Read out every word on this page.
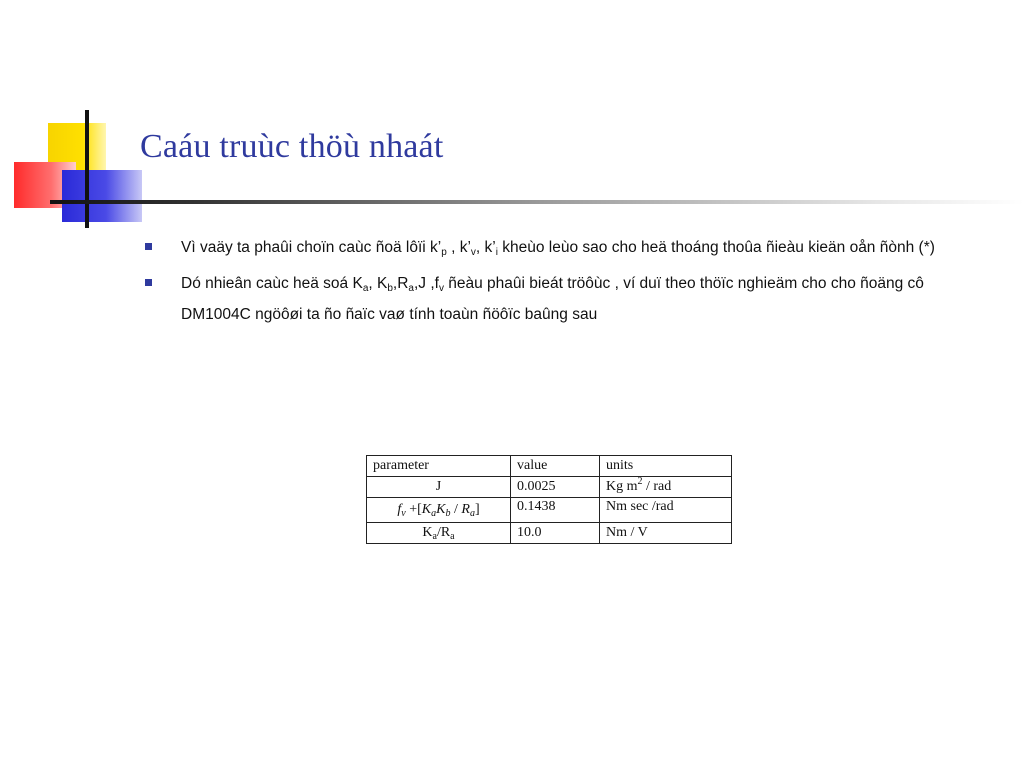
Caáu truùc thöù nhaát
Vì vaäy ta phaûi choïn caùc ñoä lôïi $k’_p$ , $k’_v$, $k’_i$ kheùo leùo sao cho heä thoáng thoûa ñieàu kieän oån ñònh (*)
Dó nhieân caùc heä soá $K_a$, $K_b,R_a,J$ $,f_v$ ñeàu phaûi bieát tröôùc , ví duï theo thöïc nghieäm cho cho ñoäng cô DM1004C ngöôøi ta ño ñaïc vaø tính toaùn ñöôïc baûng sau
parameter	value	units
J	0.0025	Kg $m^2$ / rad
$f_v +[K_aK_b / R_a]$	0.1438	Nm sec /rad
$K_a/R_a$	10.0	Nm / V
